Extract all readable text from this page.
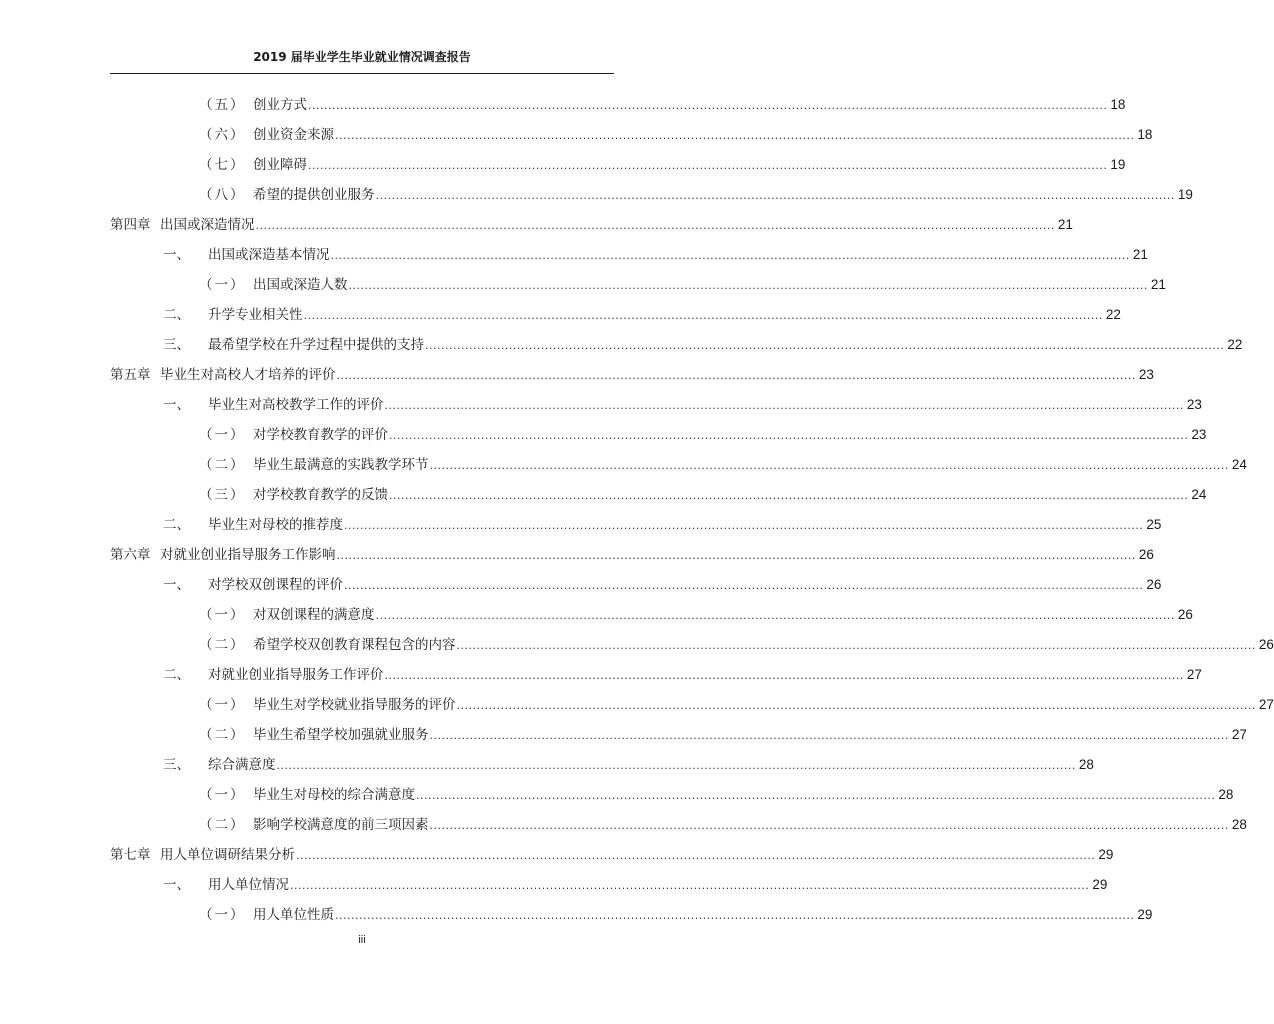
2019 届毕业学生毕业就业情况调查报告
（五） 创业方式 ........................................................................................................................................................................................................ 18
（六） 创业资金来源 ........................................................................................................................................................................................................ 18
（七） 创业障碍 ........................................................................................................................................................................................................ 19
（八） 希望的提供创业服务 ........................................................................................................................................................................................................ 19
第四章 出国或深造情况 ........................................................................................................................................................................................................ 21
一、 出国或深造基本情况 ........................................................................................................................................................................................................ 21
（一） 出国或深造人数 ........................................................................................................................................................................................................ 21
二、 升学专业相关性 ........................................................................................................................................................................................................ 22
三、 最希望学校在升学过程中提供的支持 ........................................................................................................................................................................................................ 22
第五章 毕业生对高校人才培养的评价 ........................................................................................................................................................................................................ 23
一、 毕业生对高校教学工作的评价 ........................................................................................................................................................................................................ 23
（一） 对学校教育教学的评价 ........................................................................................................................................................................................................ 23
（二） 毕业生最满意的实践教学环节 ........................................................................................................................................................................................................ 24
（三） 对学校教育教学的反馈 ........................................................................................................................................................................................................ 24
二、 毕业生对母校的推荐度 ........................................................................................................................................................................................................ 25
第六章 对就业创业指导服务工作影响 ........................................................................................................................................................................................................ 26
一、 对学校双创课程的评价 ........................................................................................................................................................................................................ 26
（一） 对双创课程的满意度 ........................................................................................................................................................................................................ 26
（二） 希望学校双创教育课程包含的内容 ........................................................................................................................................................................................................ 26
二、 对就业创业指导服务工作评价 ........................................................................................................................................................................................................ 27
（一） 毕业生对学校就业指导服务的评价 ........................................................................................................................................................................................................ 27
（二） 毕业生希望学校加强就业服务 ........................................................................................................................................................................................................ 27
三、 综合满意度 ........................................................................................................................................................................................................ 28
（一） 毕业生对母校的综合满意度 ........................................................................................................................................................................................................ 28
（二） 影响学校满意度的前三项因素 ........................................................................................................................................................................................................ 28
第七章 用人单位调研结果分析 ........................................................................................................................................................................................................ 29
一、 用人单位情况 ........................................................................................................................................................................................................ 29
（一） 用人单位性质 ........................................................................................................................................................................................................ 29
iii
